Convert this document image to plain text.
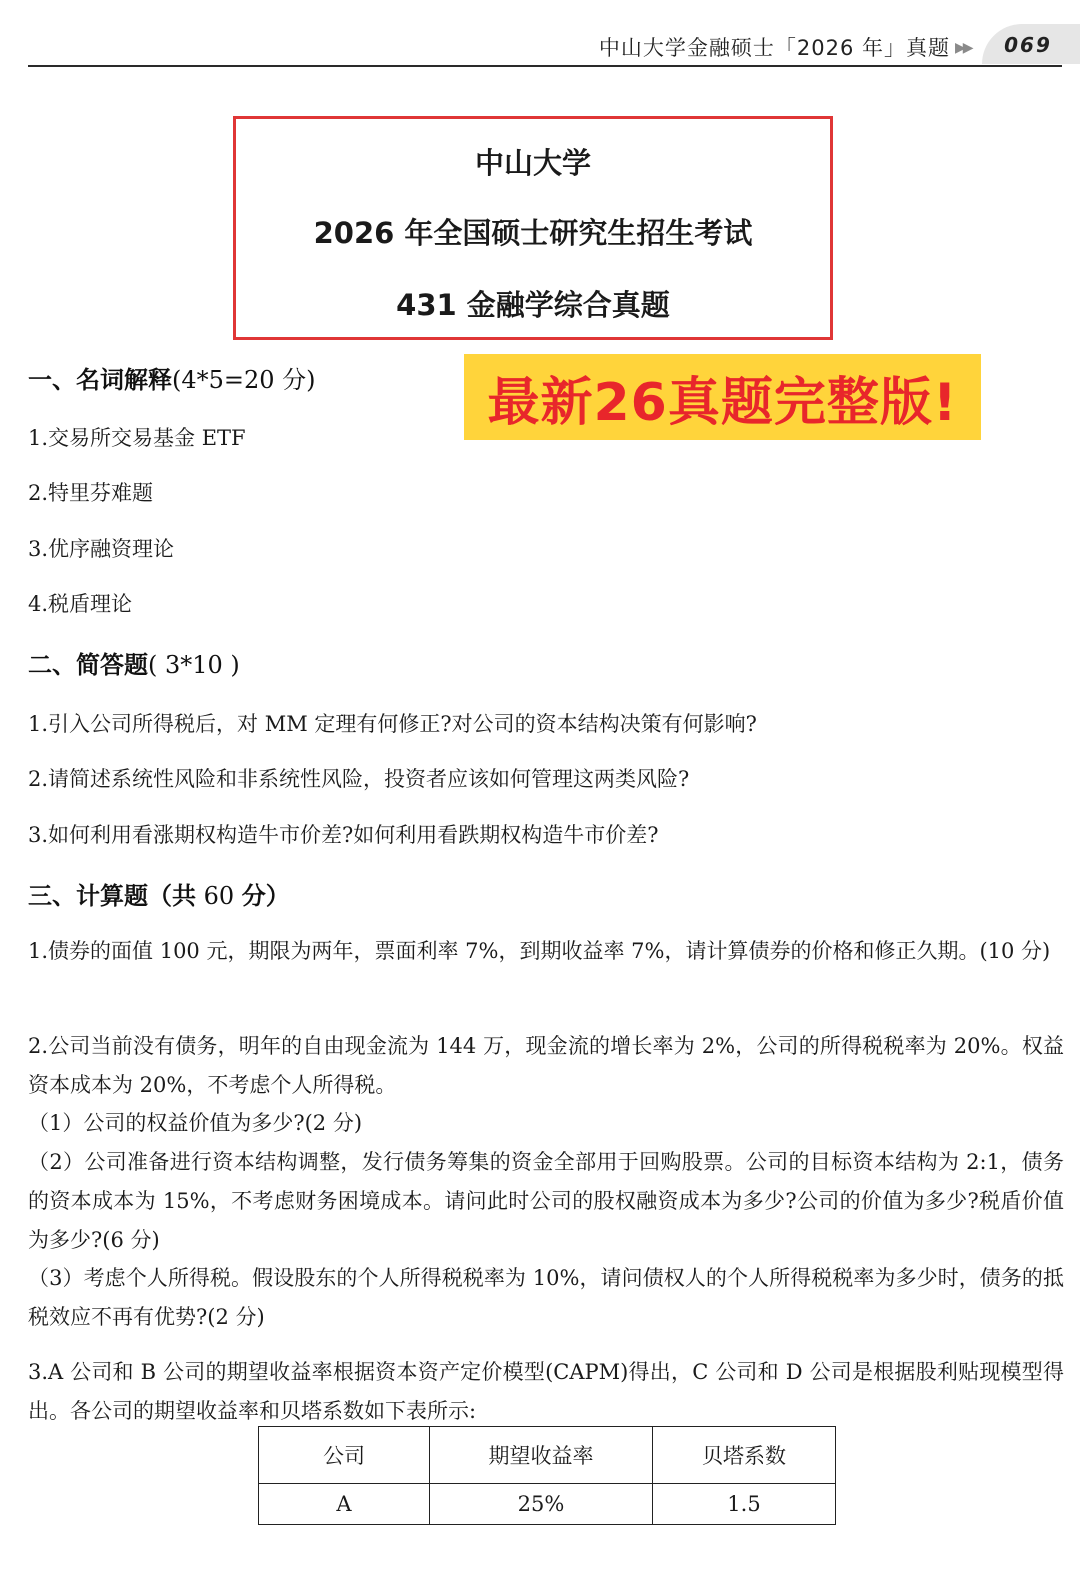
中山大学金融硕士「2026 年」真题 ▶▶ 069
中山大学
2026 年全国硕士研究生招生考试
431 金融学综合真题
最新26真题完整版!
一、名词解释(4*5=20 分)
1.交易所交易基金 ETF
2.特里芬难题
3.优序融资理论
4.税盾理论
二、简答题( 3*10 )
1.引入公司所得税后，对 MM 定理有何修正?对公司的资本结构决策有何影响?
2.请简述系统性风险和非系统性风险，投资者应该如何管理这两类风险?
3.如何利用看涨期权构造牛市价差?如何利用看跌期权构造牛市价差?
三、计算题（共 60 分）
1.债券的面值 100 元，期限为两年，票面利率 7%，到期收益率 7%，请计算债券的价格和修正久期。(10 分)
2.公司当前没有债务，明年的自由现金流为 144 万，现金流的增长率为 2%，公司的所得税税率为 20%。权益资本成本为 20%，不考虑个人所得税。
（1）公司的权益价值为多少?(2 分)
（2）公司准备进行资本结构调整，发行债务筹集的资金全部用于回购股票。公司的目标资本结构为 2:1，债务的资本成本为 15%，不考虑财务困境成本。请问此时公司的股权融资成本为多少?公司的价值为多少?税盾价值为多少?(6 分)
（3）考虑个人所得税。假设股东的个人所得税税率为 10%，请问债权人的个人所得税税率为多少时，债务的抵税效应不再有优势?(2 分)
3.A 公司和 B 公司的期望收益率根据资本资产定价模型(CAPM)得出，C 公司和 D 公司是根据股利贴现模型得出。各公司的期望收益率和贝塔系数如下表所示:
公司	期望收益率	贝塔系数
A	25%	1.5
